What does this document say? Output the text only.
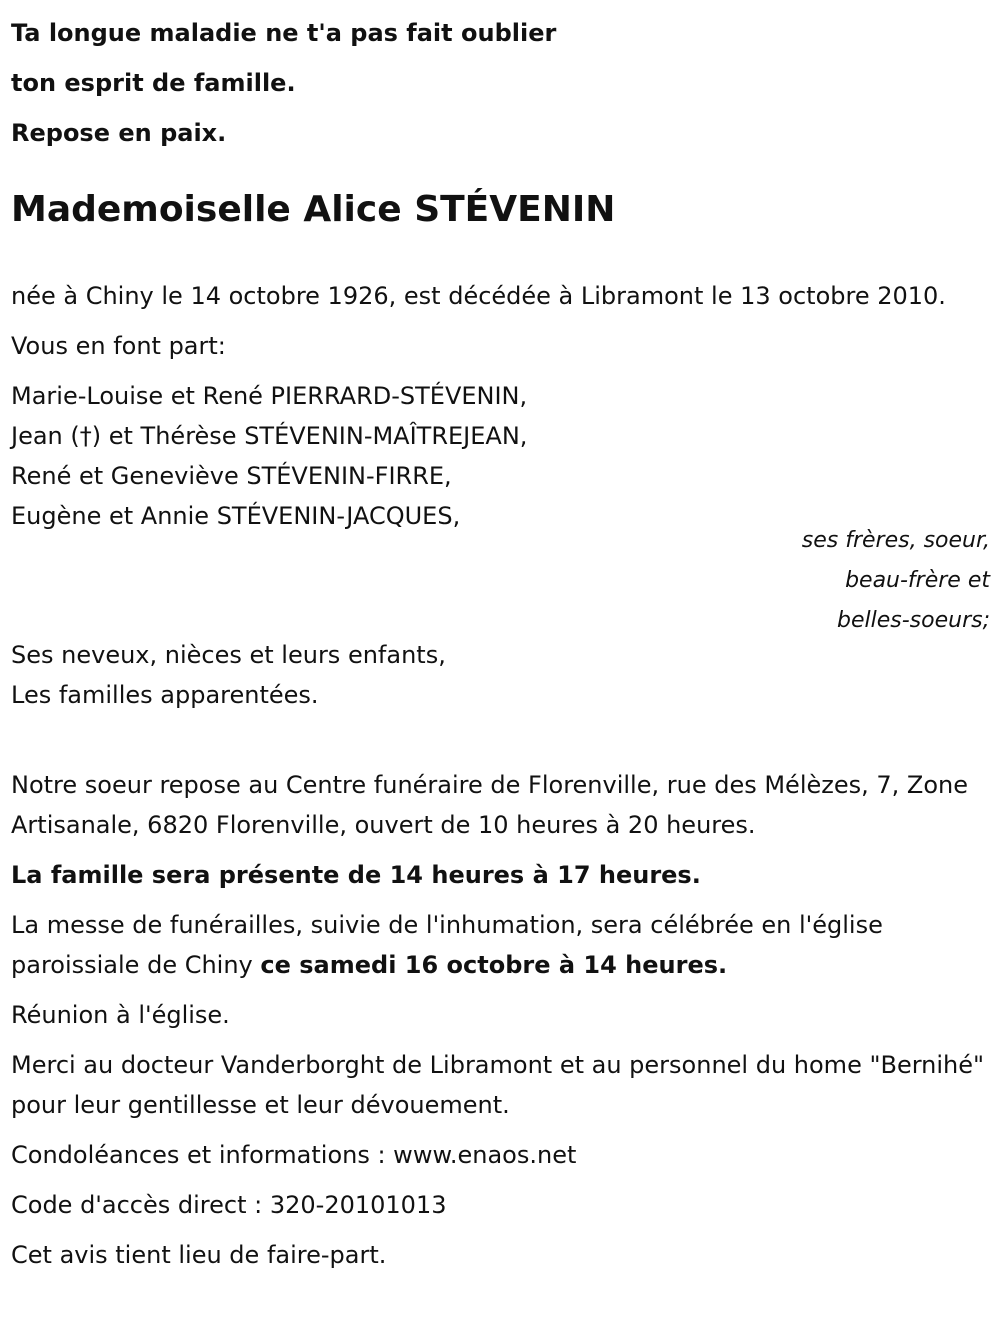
Ta longue maladie ne t'a pas fait oublier
ton esprit de famille.
Repose en paix.
Mademoiselle Alice STÉVENIN

née à Chiny le 14 octobre 1926, est décédée à Libramont le 13 octobre 2010.

Vous en font part:

Marie-Louise et René PIERRARD-STÉVENIN,

Jean (†) et Thérèse STÉVENIN-MAÎTREJEAN,

René et Geneviève STÉVENIN-FIRRE,

Eugène et Annie STÉVENIN-JACQUES,

ses frères, soeur,
beau-frère et
belles-soeurs;

Ses neveux, nièces et leurs enfants,

Les familles apparentées.

Notre soeur repose au Centre funéraire de Florenville, rue des Mélèzes, 7, Zone Artisanale, 6820 Florenville, ouvert de 10 heures à 20 heures.

La famille sera présente de 14 heures à 17 heures.

La messe de funérailles, suivie de l'inhumation, sera célébrée en l'église paroissiale de Chiny ce samedi 16 octobre à 14 heures.

Réunion à l'église.

Merci au docteur Vanderborght de Libramont et au personnel du home "Bernihé" pour leur gentillesse et leur dévouement.

Condoléances et informations : www.enaos.net

Code d'accès direct : 320-20101013

Cet avis tient lieu de faire-part.
